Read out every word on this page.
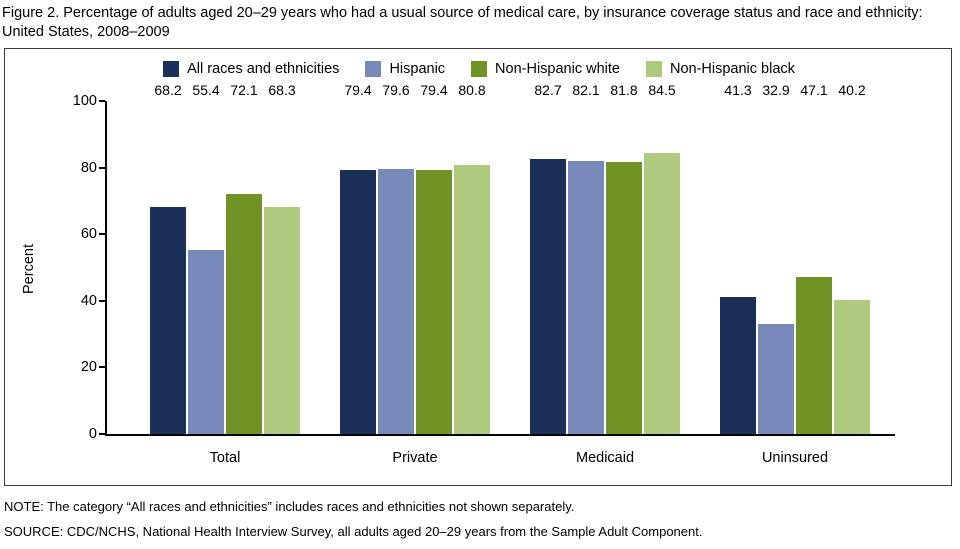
Figure 2. Percentage of adults aged 20–29 years who had a usual source of medical care, by insurance coverage status and race and ethnicity: United States, 2008–2009
All races and ethnicities	Hispanic	Non-Hispanic white	Non-Hispanic black
Percent
0
20
40
60
80
100
68.2 55.4 72.1 68.3
Total
79.4 79.6 79.4 80.8
Private
82.7 82.1 81.8 84.5
Medicaid
41.3 32.9 47.1 40.2
Uninsured
NOTE: The category “All races and ethnicities” includes races and ethnicities not shown separately.
SOURCE: CDC/NCHS, National Health Interview Survey, all adults aged 20–29 years from the Sample Adult Component.
